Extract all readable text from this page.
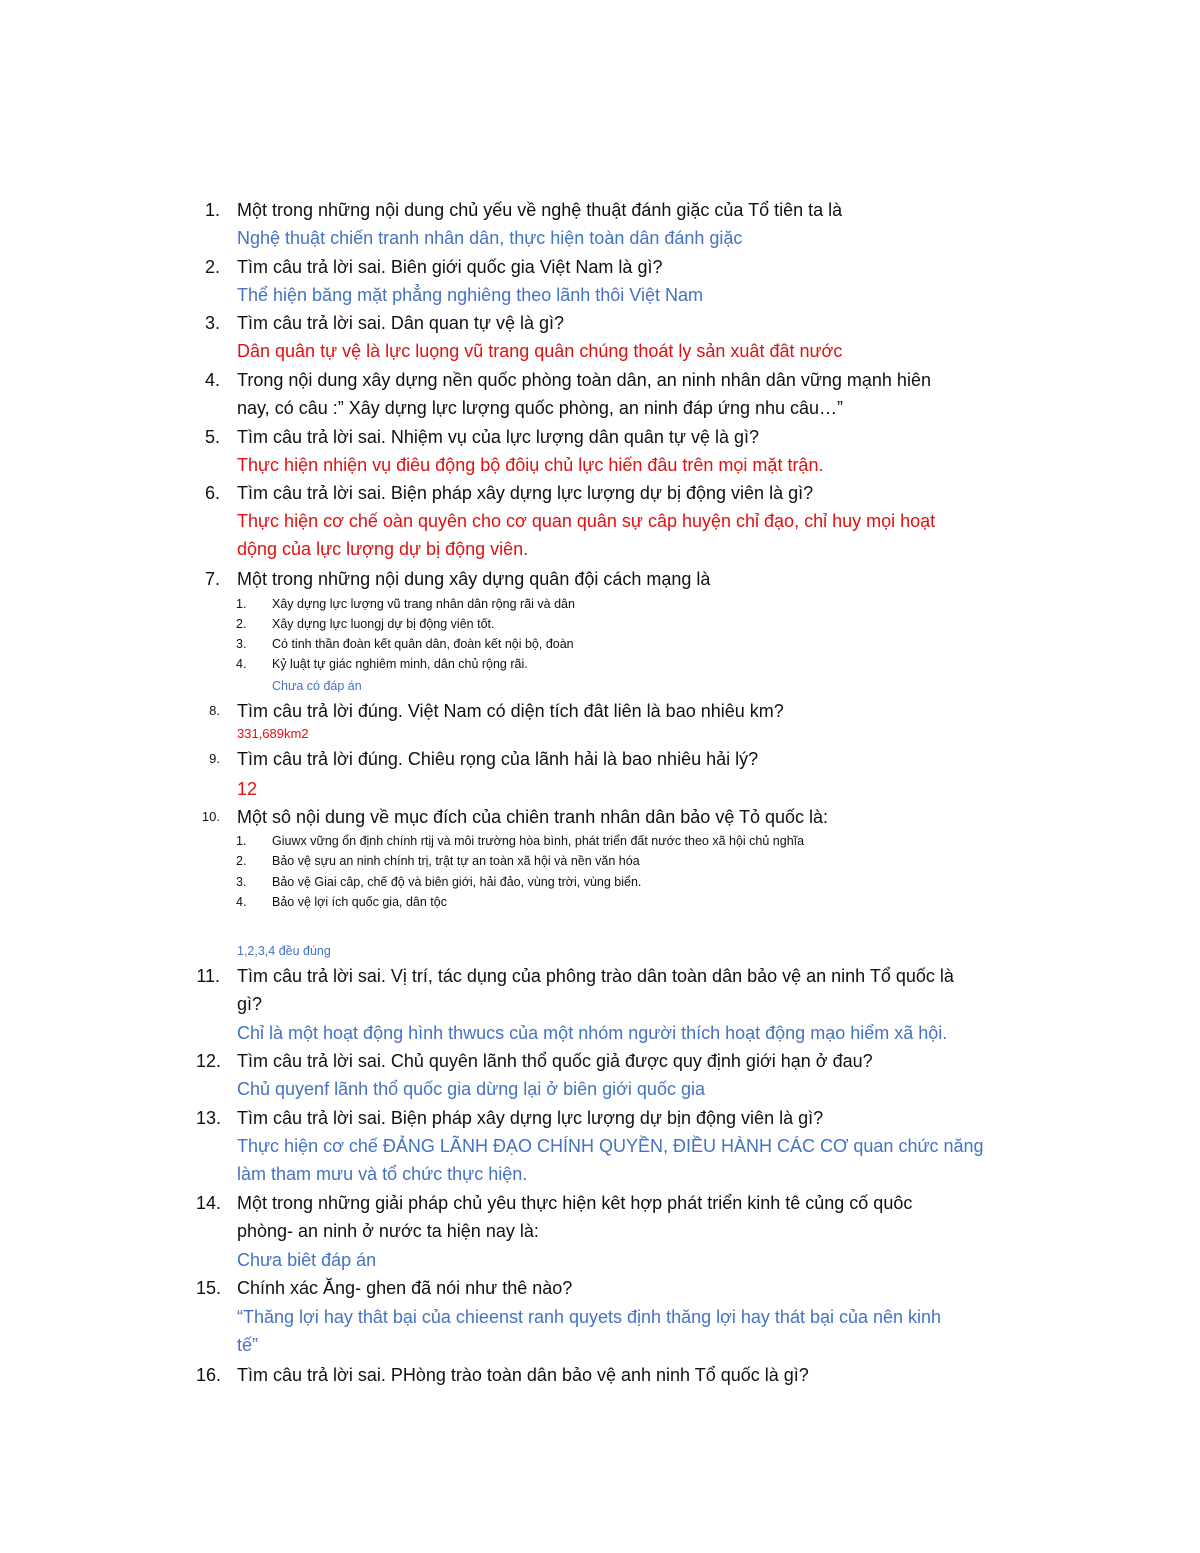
1. Một trong những nội dung chủ yếu về nghệ thuật đánh giặc của Tổ tiên ta là
Nghệ thuật chiến tranh nhân dân, thực hiện toàn dân đánh giặc
2. Tìm câu trả lời sai. Biên giới quốc gia Việt Nam là gì?
Thể hiện băng mặt phẳng nghiêng theo lãnh thôi Việt Nam
3. Tìm câu trả lời sai. Dân quan tự vệ là gì?
Dân quân tự vệ là lực luọng vũ trang quân chúng thoát ly sản xuât đât nước
4. Trong nội dung xây dựng nền quốc phòng toàn dân, an ninh nhân dân vững mạnh hiên
nay, có câu :” Xây dựng lực lượng quốc phòng, an ninh đáp ứng nhu câu…”
5. Tìm câu trả lời sai. Nhiệm vụ của lực lượng dân quân tự vệ là gì?
Thực hiện nhiện vụ điêu động bộ đôiụ chủ lực hiến đâu trên mọi mặt trận.
6. Tìm câu trả lời sai. Biện pháp xây dựng lực lượng dự bị động viên là gì?
Thực hiện cơ chế oàn quyên cho cơ quan quân sự câp huyện chỉ đạo, chỉ huy mọi hoạt
dộng của lực lượng dự bị động viên.
7. Một trong những nội dung xây dựng quân đội cách mạng là
1. Xây dựng lực lượng vũ trang nhân dân rộng rãi và dân
2. Xây dựng lực luongj dự bị động viên tốt.
3. Có tinh thần đoàn kết quân dân, đoàn kết nội bộ, đoàn
4. Kỷ luật tự giác nghiêm minh, dân chủ rộng rãi.
Chưa có đáp án
8. Tìm câu trả lời đúng. Việt Nam có diện tích đât liên là bao nhiêu km?
331,689km2
9. Tìm câu trả lời đúng. Chiêu rọng của lãnh hải là bao nhiêu hải lý?
12
10. Một sô nội dung về mục đích của chiên tranh nhân dân bảo vệ Tỏ quốc là:
1. Giuwx vững ổn định chính rtịj và môi trường hòa bình, phát triển đất nước theo xã hội chủ nghĩa
2. Bảo vệ sựu an ninh chính trị, trật tự an toàn xã hội và nền văn hóa
3. Bảo vệ Giai câp, chế độ và biên giới, hải đảo, vùng trời, vùng biển.
4. Bảo vệ lợi ích quốc gia, dân tộc
1,2,3,4 đều đúng
11. Tìm câu trả lời sai. Vị trí, tác dụng của phông trào dân toàn dân bảo vệ an ninh Tổ quốc là
gì?
Chỉ là một hoạt động hình thwucs của một nhóm người thích hoạt động mạo hiểm xã hội.
12. Tìm câu trả lời sai. Chủ quyên lãnh thổ quốc giả được quy định giới hạn ở đau?
Chủ quyenf lãnh thổ quốc gia dừng lại ở biên giới quốc gia
13. Tìm câu trả lời sai. Biện pháp xây dựng lực lượng dự bịn động viên là gì?
Thực hiện cơ chế ĐẢNG LÃNH ĐẠO CHÍNH QUYỀN, ĐIỀU HÀNH CÁC CƠ quan chức năng
làm tham mưu và tổ chức thực hiện.
14. Một trong những giải pháp chủ yêu thực hiện kêt hợp phát triển kinh tê củng cố quôc
phòng- an ninh ở nước ta hiện nay là:
Chưa biêt đáp án
15. Chính xác Ăng- ghen đã nói như thê nào?
“Thăng lợi hay thât bại của chieenst ranh quyets định thăng lợi hay thát bại của nên kinh
tế”
16. Tìm câu trả lời sai. PHòng trào toàn dân bảo vệ anh ninh Tổ quốc là gì?
